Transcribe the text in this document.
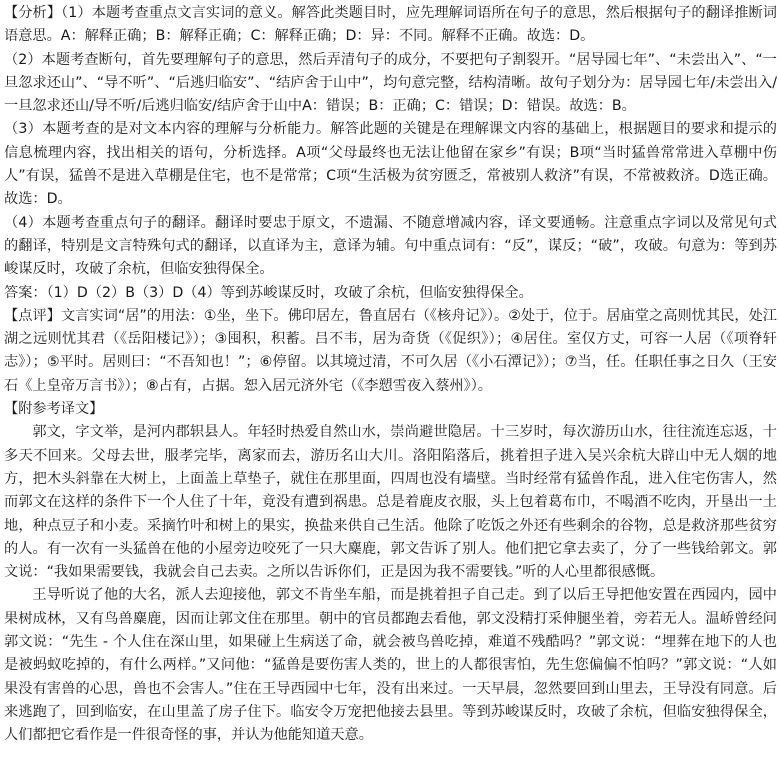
【分析】（1）本题考查重点文言实词的意义。解答此类题目时，应先理解词语所在句子的意思，然后根据句子的翻译推断词语意思。A：解释正确；B：解释正确；C：解释正确；D：异：不同。解释不正确。故选：D。

（2）本题考查断句，首先要理解句子的意思，然后弄清句子的成分，不要把句子割裂开。“居导园七年”、“未尝出入”、“一旦忽求还山”、“导不听”、“后逃归临安”、“结庐舍于山中”，均句意完整，结构清晰。故句子划分为：居导园七年/未尝出入/一旦忽求还山/导不听/后逃归临安/结庐舍于山中A：错误；B：正确；C：错误；D：错误。故选：B。

（3）本题考查的是对文本内容的理解与分析能力。解答此题的关键是在理解课文内容的基础上，根据题目的要求和提示的信息梳理内容，找出相关的语句，分析选择。A项“父母最终也无法让他留在家乡”有误；B项“当时猛兽常常进入草棚中伤人”有误，猛兽不是进入草棚是住宅，也不是常常；C项“生活极为贫穷匮乏，常被别人救济”有误，不常被救济。D选正确。故选：D。

（4）本题考查重点句子的翻译。翻译时要忠于原文，不遗漏、不随意增减内容，译文要通畅。注意重点字词以及常见句式的翻译，特别是文言特殊句式的翻译，以直译为主，意译为辅。句中重点词有：“反”，谋反；“破”，攻破。句意为：等到苏峻谋反时，攻破了余杭，但临安独得保全。

答案：（1）D（2）B（3）D（4）等到苏峻谋反时，攻破了余杭，但临安独得保全。

【点评】文言实词“居”的用法：①坐，坐下。佛印居左，鲁直居右（《核舟记》）。②处于，位于。居庙堂之高则忧其民，处江湖之远则忧其君（《岳阳楼记》）；③囤积，积蓄。吕不韦，居为奇货（《促织》）；④居住。室仅方丈，可容一人居（《项脊轩志》）；⑤平时。居则曰：“不吾知也！”；⑥停留。以其境过清，不可久居（《小石潭记》）；⑦当，任。任职任事之日久（王安石《上皇帝万言书》）；⑧占有，占据。恕入居元济外宅（《李愬雪夜入蔡州》）。

【附参考译文】

郭文，字文举，是河内郡轵县人。年轻时热爱自然山水，崇尚避世隐居。十三岁时，每次游历山水，往往流连忘返，十多天不回来。父母去世，服孝完毕，离家而去，游历名山大川。洛阳陷落后，挑着担子进入吴兴余杭大辟山中无人烟的地方，把木头斜靠在大树上，上面盖上草垫子，就住在那里面，四周也没有墙壁。当时经常有猛兽作乱，进入住宅伤害人，然而郭文在这样的条件下一个人住了十年，竟没有遭到祸患。总是着鹿皮衣服，头上包着葛布巾，不喝酒不吃肉，开垦出一土地，种点豆子和小麦。采摘竹叶和树上的果实，换盐来供自己生活。他除了吃饭之外还有些剩余的谷物，总是救济那些贫穷的人。有一次有一头猛兽在他的小屋旁边咬死了一只大麋鹿，郭文告诉了别人。他们把它拿去卖了，分了一些钱给郭文。郭文说：“我如果需要钱，我就会自己去卖。之所以告诉你们，正是因为我不需要钱。”听的人心里都很感慨。

王导听说了他的大名，派人去迎接他，郭文不肯坐车船，而是挑着担子自己走。到了以后王导把他安置在西园内，园中果树成林，又有鸟兽麋鹿，因而让郭文住在那里。朝中的官员都跑去看他，郭文没精打采伸腿坐着，旁若无人。温峤曾经问郭文说：“先生 - 个人住在深山里，如果碰上生病送了命，就会被鸟兽吃掉，难道不残酷吗？”郭文说：“埋葬在地下的人也是被蚂蚁吃掉的，有什么两样。”又问他：“猛兽是要伤害人类的，世上的人都很害怕，先生您偏偏不怕吗？”郭文说：“人如果没有害兽的心思，兽也不会害人。”住在王导西园中七年，没有出来过。一天早晨，忽然要回到山里去，王导没有同意。后来逃跑了，回到临安，在山里盖了房子住下。临安令万宠把他接去县里。等到苏峻谋反时，攻破了余杭，但临安独得保全，人们都把它看作是一件很奇怪的事，并认为他能知道天意。
